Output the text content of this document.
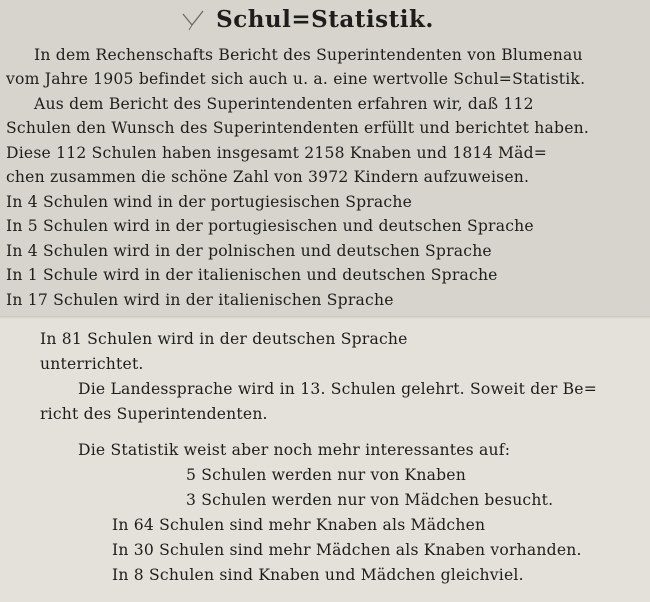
Schul=Statistik.
In dem Rechenschafts Bericht des Superintendenten von Blumenau
vom Jahre 1905 befindet sich auch u. a. eine wertvolle Schul=Statistik.
Aus dem Bericht des Superintendenten erfahren wir, daß 112
Schulen den Wunsch des Superintendenten erfüllt und berichtet haben.
Diese 112 Schulen haben insgesamt 2158 Knaben und 1814 Mäd=
chen zusammen die schöne Zahl von 3972 Kindern aufzuweisen.
In 4 Schulen wind in der portugiesischen Sprache
In 5 Schulen wird in der portugiesischen und deutschen Sprache
In 4 Schulen wird in der polnischen und deutschen Sprache
In 1 Schule wird in der italienischen und deutschen Sprache
In 17 Schulen wird in der italienischen Sprache
In 81 Schulen wird in der deutschen Sprache
unterrichtet.
Die Landessprache wird in 13. Schulen gelehrt. Soweit der Be=
richt des Superintendenten.
Die Statistik weist aber noch mehr interessantes auf:
5 Schulen werden nur von Knaben
3 Schulen werden nur von Mädchen besucht.
In 64 Schulen sind mehr Knaben als Mädchen
In 30 Schulen sind mehr Mädchen als Knaben vorhanden.
In 8 Schulen sind Knaben und Mädchen gleichviel.
